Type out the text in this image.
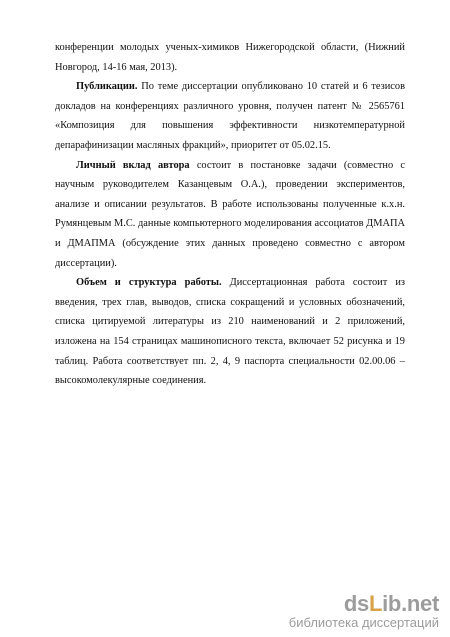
конференции молодых ученых-химиков Нижегородской области, (Нижний Новгород, 14-16 мая, 2013).

Публикации. По теме диссертации опубликовано 10 статей и 6 тезисов докладов на конференциях различного уровня, получен патент № 2565761 «Композиция для повышения эффективности низкотемпературной депарафинизации масляных фракций», приоритет от 05.02.15.

Личный вклад автора состоит в постановке задачи (совместно с научным руководителем Казанцевым О.А.), проведении экспериментов, анализе и описании результатов. В работе использованы полученные к.х.н. Румянцевым М.С. данные компьютерного моделирования ассоциатов ДМАПА и ДМАПМА (обсуждение этих данных проведено совместно с автором диссертации).

Объем и структура работы. Диссертационная работа состоит из введения, трех глав, выводов, списка сокращений и условных обозначений, списка цитируемой литературы из 210 наименований и 2 приложений, изложена на 154 страницах машинописного текста, включает 52 рисунка и 19 таблиц. Работа соответствует пп. 2, 4, 9 паспорта специальности 02.00.06 – высокомолекулярные соединения.

dsLib.net
библиотека диссертаций
